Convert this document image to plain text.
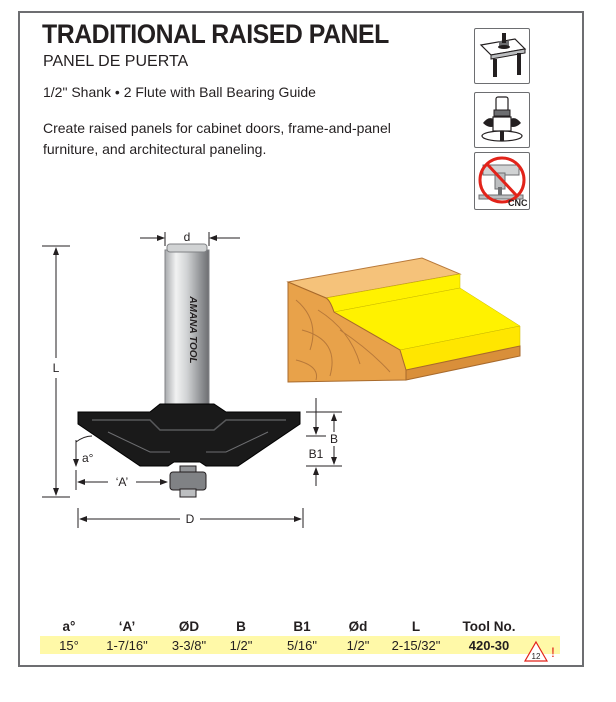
TRADITIONAL RAISED PANEL
PANEL DE PUERTA
1/2" Shank • 2 Flute with Ball Bearing Guide
Create raised panels for cabinet doors, frame-and-panel furniture, and architectural paneling.
CNC
AMANA TOOL
d
L
a°
‘A’
D
B
B1
a°	‘A’	ØD	B	B1	Ød	L	Tool No.
15° 1-7/16" 3-3/8" 1/2"	5/16" 1/2" 2-15/32" 420-30
12 !
